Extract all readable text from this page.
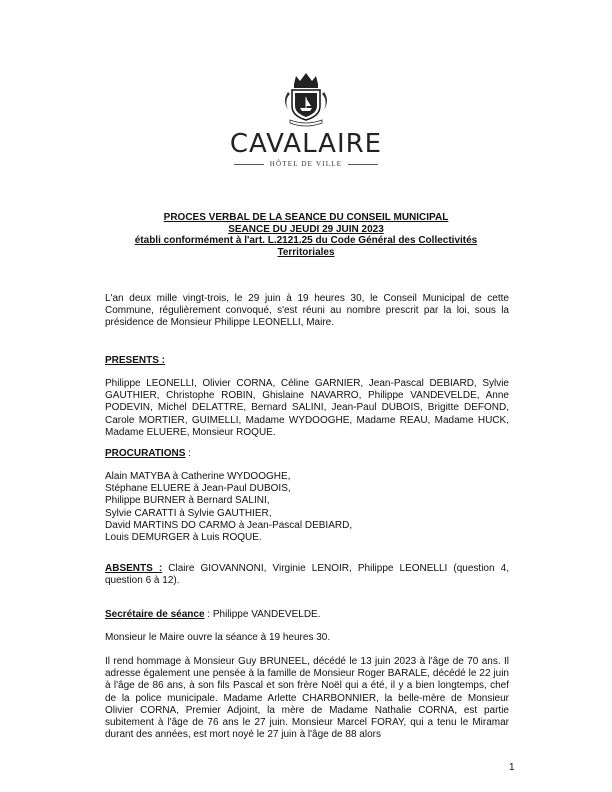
CAVALAIRE
HÔTEL DE VILLE
PROCES VERBAL DE LA SEANCE DU CONSEIL MUNICIPAL
SEANCE DU JEUDI 29 JUIN 2023
établi conformément à l'art. L.2121.25 du Code Général des Collectivités
Territoriales

L'an deux mille vingt-trois, le 29 juin à 19 heures 30, le Conseil Municipal de cette Commune, régulièrement convoqué, s'est réuni au nombre prescrit par la loi, sous la présidence de Monsieur Philippe LEONELLI, Maire.

PRESENTS :

Philippe LEONELLI, Olivier CORNA, Céline GARNIER, Jean-Pascal DEBIARD, Sylvie GAUTHIER, Christophe ROBIN, Ghislaine NAVARRO, Philippe VANDEVELDE, Anne PODEVIN, Michel DELATTRE, Bernard SALINI, Jean-Paul DUBOIS, Brigitte DEFOND, Carole MORTIER, GUIMELLI, Madame WYDOOGHE, Madame REAU, Madame HUCK, Madame ELUERE, Monsieur ROQUE.

PROCURATIONS :

Alain MATYBA à Catherine WYDOOGHE,
Stéphane ELUERE à Jean-Paul DUBOIS,
Philippe BURNER à Bernard SALINI,
Sylvie CARATTI à Sylvie GAUTHIER,
David MARTINS DO CARMO à Jean-Pascal DEBIARD,
Louis DEMURGER à Luis ROQUE.

ABSENTS : Claire GIOVANNONI, Virginie LENOIR, Philippe LEONELLI (question 4, question 6 à 12).

Secrétaire de séance : Philippe VANDEVELDE.

Monsieur le Maire ouvre la séance à 19 heures 30.

Il rend hommage à Monsieur Guy BRUNEEL, décédé le 13 juin 2023 à l'âge de 70 ans. Il adresse également une pensée à la famille de Monsieur Roger BARALE, décédé le 22 juin à l'âge de 86 ans, à son fils Pascal et son frère Noël qui a été, il y a bien longtemps, chef de la police municipale. Madame Arlette CHARBONNIER, la belle-mère de Monsieur Olivier CORNA, Premier Adjoint, la mère de Madame Nathalie CORNA, est partie subitement à l'âge de 76 ans le 27 juin. Monsieur Marcel FORAY, qui a tenu le Miramar durant des années, est mort noyé le 27 juin à l'âge de 88 alors

1
